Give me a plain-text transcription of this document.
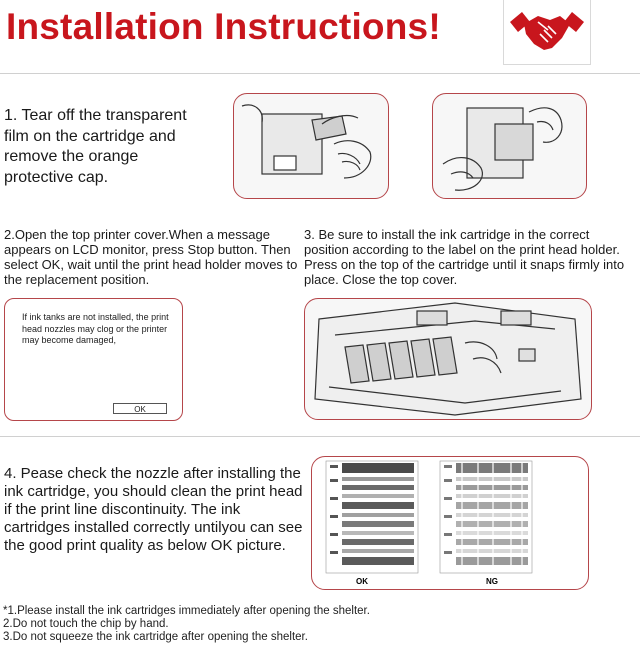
Installation Instructions!
1. Tear off the transparent film on the cartridge and remove the orange protective cap.
2.Open the top printer cover.When a message appears on LCD monitor, press Stop button. Then select OK, wait until the print head holder moves to the replacement position.
If ink tanks are not installed, the print head nozzles may clog or the printer may become damaged,
OK
3. Be sure to install the ink cartridge in the correct position according to the label on the print head holder. Press on the top of the cartridge until it snaps firmly into place. Close the top cover.
4. Pease check the nozzle after installing the ink cartridge, you should clean the print head if the print line discontinuity. The ink cartridges installed correctly untilyou can see the good print quality as below OK picture.
OK	NG
*1.Please install the ink cartridges immediately after opening the shelter.
2.Do not touch the chip by hand.
3.Do not squeeze the ink cartridge after opening the shelter.
